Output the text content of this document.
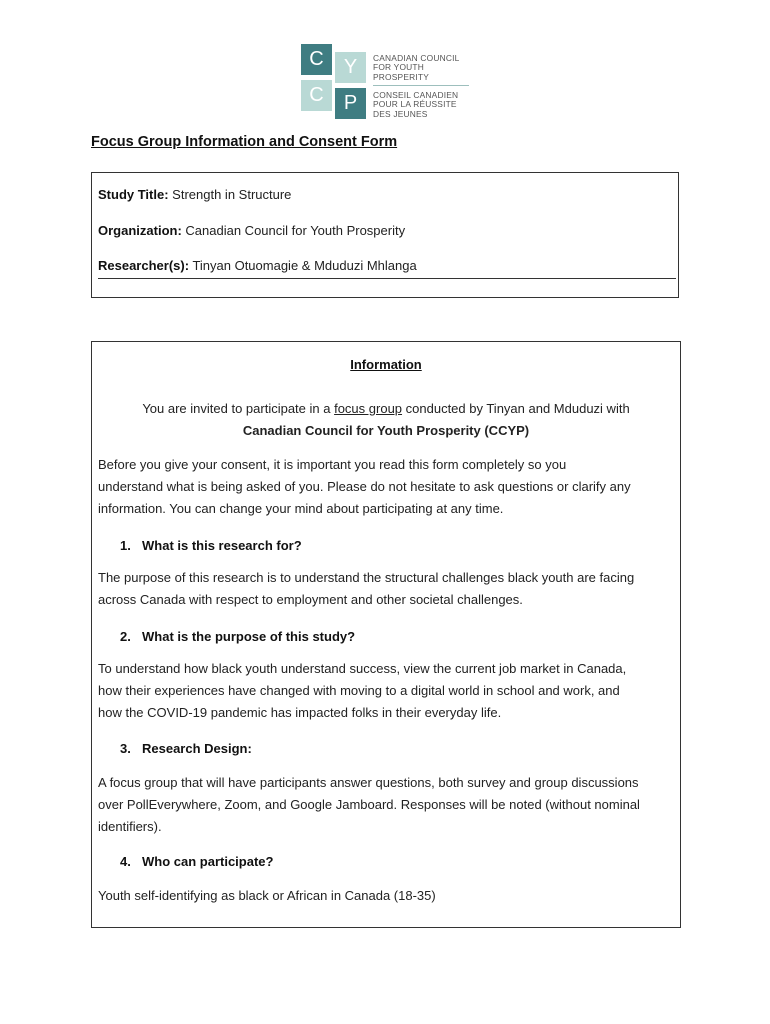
C	Y
C	P
CANADIAN COUNCIL
FOR YOUTH
PROSPERITY
CONSEIL CANADIEN
POUR LA RÉUSSITE
DES JEUNES
Focus Group Information and Consent Form
Study Title: Strength in Structure
Organization: Canadian Council for Youth Prosperity
Researcher(s): Tinyan Otuomagie & Mduduzi Mhlanga
Information
You are invited to participate in a focus group conducted by Tinyan and Mduduzi with
Canadian Council for Youth Prosperity (CCYP)
Before you give your consent, it is important you read this form completely so you
understand what is being asked of you. Please do not hesitate to ask questions or clarify any
information. You can change your mind about participating at any time.
1. What is this research for?
The purpose of this research is to understand the structural challenges black youth are facing
across Canada with respect to employment and other societal challenges.
2. What is the purpose of this study?
To understand how black youth understand success, view the current job market in Canada,
how their experiences have changed with moving to a digital world in school and work, and
how the COVID-19 pandemic has impacted folks in their everyday life.
3. Research Design:
A focus group that will have participants answer questions, both survey and group discussions
over PollEverywhere, Zoom, and Google Jamboard. Responses will be noted (without nominal
identifiers).
4. Who can participate?
Youth self-identifying as black or African in Canada (18-35)
